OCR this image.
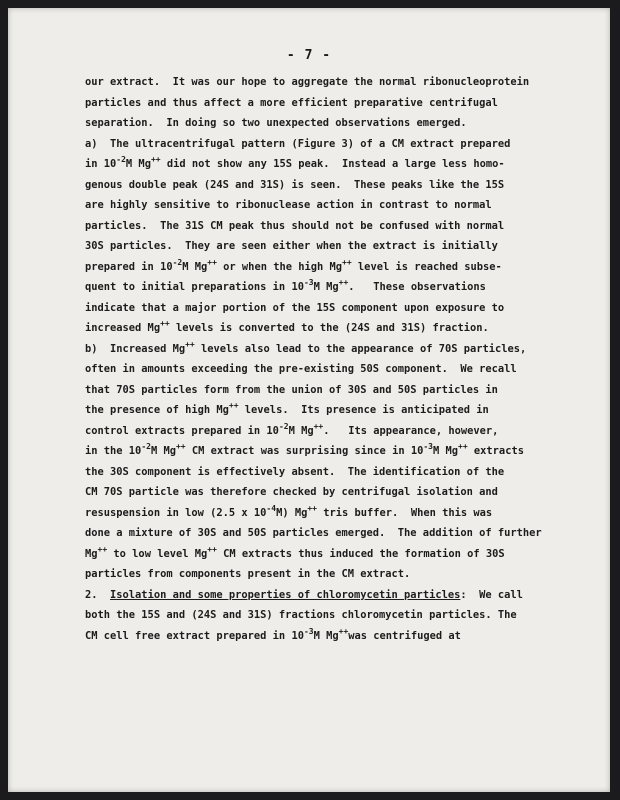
- 7 -
our extract.  It was our hope to aggregate the normal ribonucleoprotein
particles and thus affect a more efficient preparative centrifugal
separation.  In doing so two unexpected observations emerged.
a)  The ultracentrifugal pattern (Figure 3) of a CM extract prepared
in $10^{-2}M$ Mg++ did not show any 15S peak.  Instead a large less homo-
genous double peak (24S and 31S) is seen.  These peaks like the 15S
are highly sensitive to ribonuclease action in contrast to normal
particles.  The 31S CM peak thus should not be confused with normal
30S particles.  They are seen either when the extract is initially
prepared in $10^{-2}M$ Mg++ or when the high Mg++ level is reached subse-
quent to initial preparations in $10^{-3}M$ Mg++.   These observations
indicate that a major portion of the 15S component upon exposure to
increased Mg++ levels is converted to the (24S and 31S) fraction.
b)  Increased Mg++ levels also lead to the appearance of 70S particles,
often in amounts exceeding the pre-existing 50S component.  We recall
that 70S particles form from the union of 30S and 50S particles in
the presence of high Mg++ levels.  Its presence is anticipated in
control extracts prepared in $10^{-2}M$ Mg++.   Its appearance, however,
in the $10^{-2}M$ Mg++ CM extract was surprising since in $10^{-3}M$ Mg++ extracts
the 30S component is effectively absent.  The identification of the
CM 70S particle was therefore checked by centrifugal isolation and
resuspension in low (2.5 x $10^{-4}M$) Mg++ tris buffer.  When this was
done a mixture of 30S and 50S particles emerged.  The addition of further
Mg++ to low level Mg++ CM extracts thus induced the formation of 30S
particles from components present in the CM extract.
2.  Isolation and some properties of chloromycetin particles:  We call
both the 15S and (24S and 31S) fractions chloromycetin particles. The
CM cell free extract prepared in $10^{-3}M$ Mg++was centrifuged at
